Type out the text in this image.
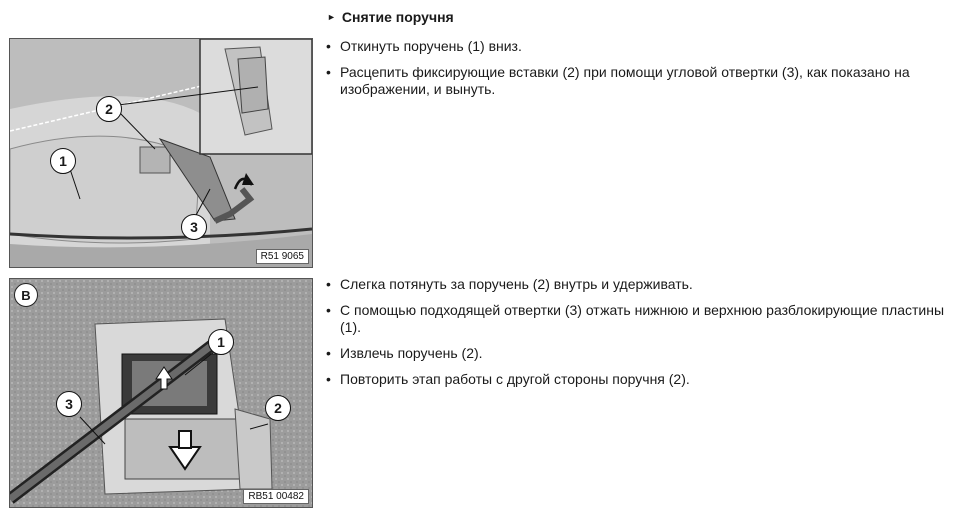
► Снятие поручня
1
2
3
R51 9065
B
1
2
3
RB51 00482
• Откинуть поручень (1) вниз.
• Расцепить фиксирующие вставки (2) при помощи угловой отвертки (3), как показано на изображении, и вынуть.
• Слегка потянуть за поручень (2) внутрь и удерживать.
• С помощью подходящей отвертки (3) отжать нижнюю и верхнюю разблокирующие пластины (1).
• Извлечь поручень (2).
• Повторить этап работы с другой стороны поручня (2).
